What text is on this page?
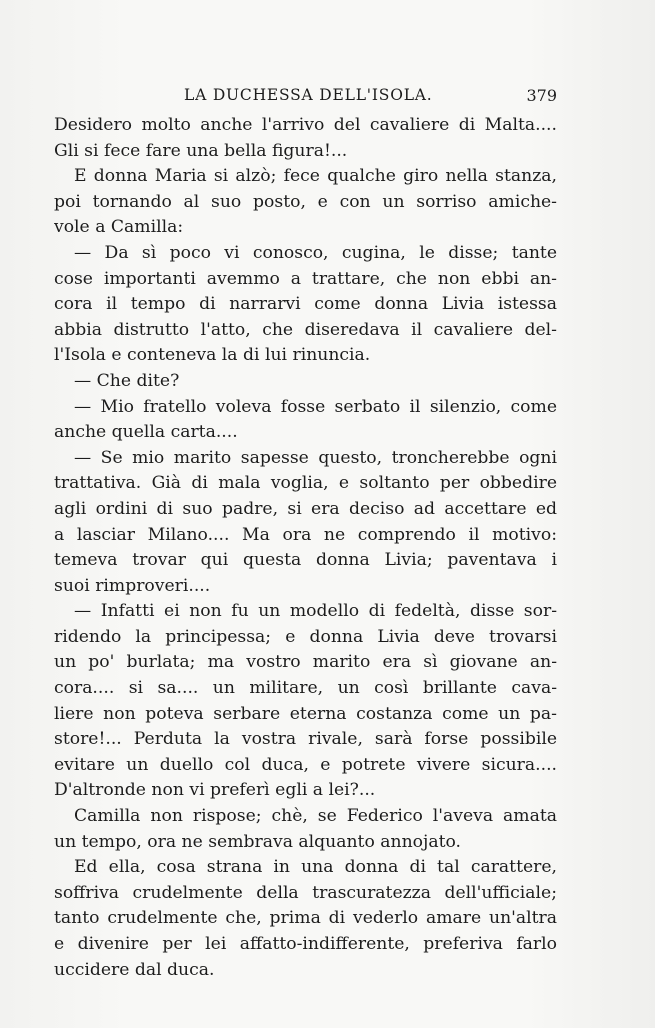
LA DUCHESSA DELL'ISOLA.	379
Desidero molto anche l'arrivo del cavaliere di Malta....
Gli si fece fare una bella figura!...
E donna Maria si alzò; fece qualche giro nella stanza,
poi tornando al suo posto, e con un sorriso amiche-
vole a Camilla:
— Da sì poco vi conosco, cugina, le disse; tante
cose importanti avemmo a trattare, che non ebbi an-
cora il tempo di narrarvi come donna Livia istessa
abbia distrutto l'atto, che diseredava il cavaliere del-
l'Isola e conteneva la di lui rinuncia.
— Che dite?
— Mio fratello voleva fosse serbato il silenzio, come
anche quella carta....
— Se mio marito sapesse questo, troncherebbe ogni
trattativa. Già di mala voglia, e soltanto per obbedire
agli ordini di suo padre, si era deciso ad accettare ed
a lasciar Milano.... Ma ora ne comprendo il motivo:
temeva trovar qui questa donna Livia; paventava i
suoi rimproveri....
— Infatti ei non fu un modello di fedeltà, disse sor-
ridendo la principessa; e donna Livia deve trovarsi
un po' burlata; ma vostro marito era sì giovane an-
cora.... si sa.... un militare, un così brillante cava-
liere non poteva serbare eterna costanza come un pa-
store!... Perduta la vostra rivale, sarà forse possibile
evitare un duello col duca, e potrete vivere sicura....
D'altronde non vi preferì egli a lei?...
Camilla non rispose; chè, se Federico l'aveva amata
un tempo, ora ne sembrava alquanto annojato.
Ed ella, cosa strana in una donna di tal carattere,
soffriva crudelmente della trascuratezza dell'ufficiale;
tanto crudelmente che, prima di vederlo amare un'altra
e divenire per lei affatto-indifferente, preferiva farlo
uccidere dal duca.
